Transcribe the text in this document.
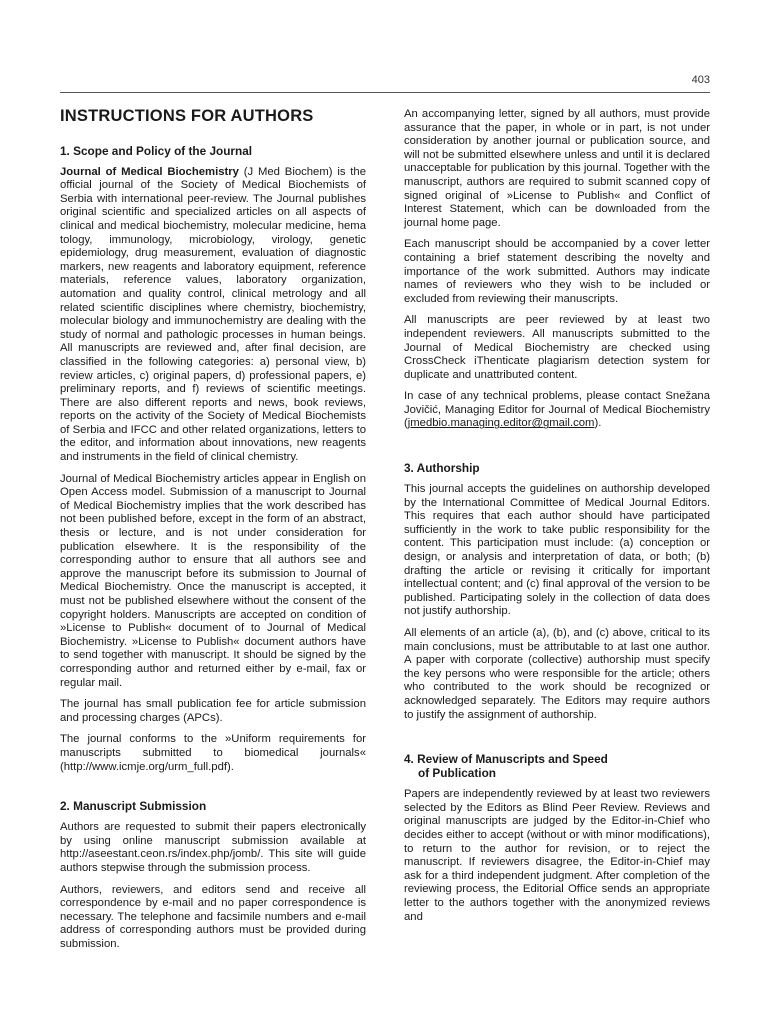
403
INSTRUCTIONS FOR AUTHORS
1. Scope and Policy of the Journal

Journal of Medical Biochemistry (J Med Biochem) is the official journal of the Society of Medical Biochemists of Serbia with international peer-review. The Journal publishes original scientific and specialized articles on all aspects of clinical and medical biochemistry, molecular medicine, hema tology, immunology, microbiology, virology, genetic epidemiology, drug measurement, evaluation of diagnostic markers, new reagents and laboratory equipment, reference materials, reference values, laboratory organization, automation and quality control, clinical metrology and all related scientific disciplines where chemistry, biochemistry, molecular biology and immunochemistry are dealing with the study of normal and pathologic processes in human beings. All manuscripts are reviewed and, after final decision, are classified in the following categories: a) personal view, b) review articles, c) original papers, d) professional papers, e) preliminary reports, and f) reviews of scientific meetings. There are also different reports and news, book reviews, reports on the activity of the Society of Medical Biochemists of Serbia and IFCC and other related organizations, letters to the editor, and information about innovations, new reagents and instruments in the field of clinical chemistry.

Journal of Medical Biochemistry articles appear in English on Open Access model. Submission of a manuscript to Journal of Medical Biochemistry implies that the work described has not been published before, except in the form of an abstract, thesis or lecture, and is not under consideration for publication elsewhere. It is the responsibility of the corresponding author to ensure that all authors see and approve the manuscript before its submission to Journal of Medical Biochemistry. Once the manuscript is accepted, it must not be published elsewhere without the consent of the copyright holders. Manuscripts are accepted on condition of »License to Publish« document of to Journal of Medical Biochemistry. »License to Publish« document authors have to send together with manuscript. It should be signed by the corresponding author and returned either by e-mail, fax or regular mail.

The journal has small publication fee for article submission and processing charges (APCs).

The journal conforms to the »Uniform requirements for manuscripts submitted to biomedical journals« (http://www.icmje.org/urm_full.pdf).

2. Manuscript Submission

Authors are requested to submit their papers electronically by using online manuscript submission available at http://aseestant.ceon.rs/index.php/jomb/. This site will guide authors stepwise through the submission process.

Authors, reviewers, and editors send and receive all correspondence by e-mail and no paper correspondence is necessary. The telephone and facsimile numbers and e-mail address of corresponding authors must be provided during submission.

An accompanying letter, signed by all authors, must provide assurance that the paper, in whole or in part, is not under consideration by another journal or publication source, and will not be submitted elsewhere unless and until it is declared unacceptable for publication by this journal. Together with the manuscript, authors are required to submit scanned copy of signed original of »License to Publish« and Conflict of Interest Statement, which can be downloaded from the journal home page.

Each manuscript should be accompanied by a cover letter containing a brief statement describing the novelty and importance of the work submitted. Authors may indicate names of reviewers who they wish to be included or excluded from reviewing their manuscripts.

All manuscripts are peer reviewed by at least two independent reviewers. All manuscripts submitted to the Journal of Medical Biochemistry are checked using CrossCheck iThenticate plagiarism detection system for duplicate and unattributed content.

In case of any technical problems, please contact Snežana Jovičić, Managing Editor for Journal of Medical Biochemistry (jmedbio.managing.editor@gmail.com).

3. Authorship

This journal accepts the guidelines on authorship developed by the International Committee of Medical Journal Editors. This requires that each author should have participated sufficiently in the work to take public responsibility for the content. This participation must include: (a) conception or design, or analysis and interpretation of data, or both; (b) drafting the article or revising it critically for important intellectual content; and (c) final approval of the version to be published. Participating solely in the collection of data does not justify authorship.

All elements of an article (a), (b), and (c) above, critical to its main conclusions, must be attributable to at last one author. A paper with corporate (collective) authorship must specify the key persons who were responsible for the article; others who contributed to the work should be recognized or acknowledged separately. The Editors may require authors to justify the assignment of authorship.

4. Review of Manuscripts and Speed
of Publication

Papers are independently reviewed by at least two reviewers selected by the Editors as Blind Peer Review. Reviews and original manuscripts are judged by the Editor-in-Chief who decides either to accept (without or with minor modifications), to return to the author for revision, or to reject the manuscript. If reviewers disagree, the Editor-in-Chief may ask for a third independent judgment. After completion of the reviewing process, the Editorial Office sends an appropriate letter to the authors together with the anonymized reviews and
